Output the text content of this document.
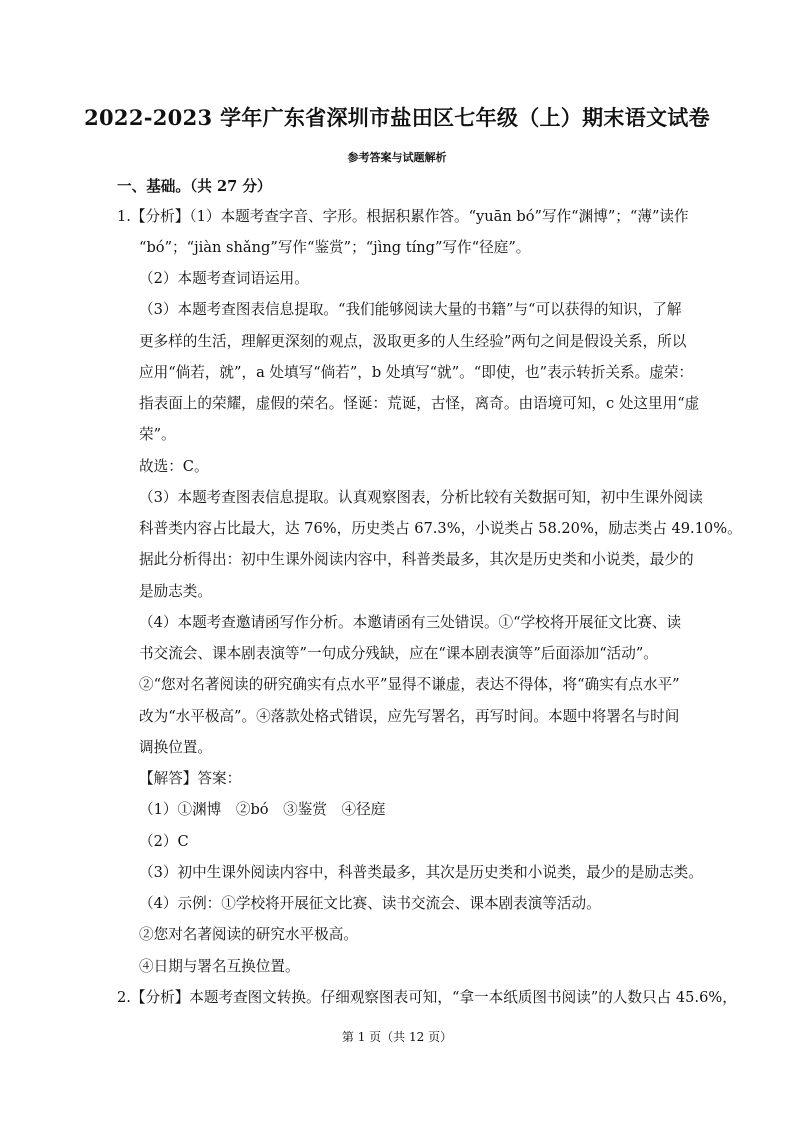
2022-2023 学年广东省深圳市盐田区七年级（上）期末语文试卷
参考答案与试题解析
一、基础。（共 27 分）
1.【分析】（1）本题考查字音、字形。根据积累作答。“yuān bó”写作“渊博”；“薄”读作
“bó”；“jiàn shǎng”写作“鉴赏”；“jìng tíng”写作“径庭”。
（2）本题考查词语运用。
（3）本题考查图表信息提取。“我们能够阅读大量的书籍”与“可以获得的知识，了解
更多样的生活，理解更深刻的观点，汲取更多的人生经验”两句之间是假设关系，所以
应用“倘若，就”，a 处填写“倘若”，b 处填写“就”。“即使，也”表示转折关系。虚荣：
指表面上的荣耀，虚假的荣名。怪诞：荒诞，古怪，离奇。由语境可知，c 处这里用“虚
荣”。
故选：C。
（3）本题考查图表信息提取。认真观察图表，分析比较有关数据可知，初中生课外阅读
科普类内容占比最大，达 76%，历史类占 67.3%，小说类占 58.20%，励志类占 49.10%。
据此分析得出：初中生课外阅读内容中，科普类最多，其次是历史类和小说类，最少的
是励志类。
（4）本题考查邀请函写作分析。本邀请函有三处错误。①“学校将开展征文比赛、读
书交流会、课本剧表演等”一句成分残缺，应在“课本剧表演等”后面添加“活动”。
②“您对名著阅读的研究确实有点水平”显得不谦虚，表达不得体，将“确实有点水平”
改为“水平极高”。④落款处格式错误，应先写署名，再写时间。本题中将署名与时间
调换位置。
【解答】答案：
（1）①渊博　②bó　③鉴赏　④径庭
（2）C
（3）初中生课外阅读内容中，科普类最多，其次是历史类和小说类，最少的是励志类。
（4）示例：①学校将开展征文比赛、读书交流会、课本剧表演等活动。
②您对名著阅读的研究水平极高。
④日期与署名互换位置。
2.【分析】本题考查图文转换。仔细观察图表可知，“拿一本纸质图书阅读”的人数只占 45.6%，
第 1 页（共 12 页）
